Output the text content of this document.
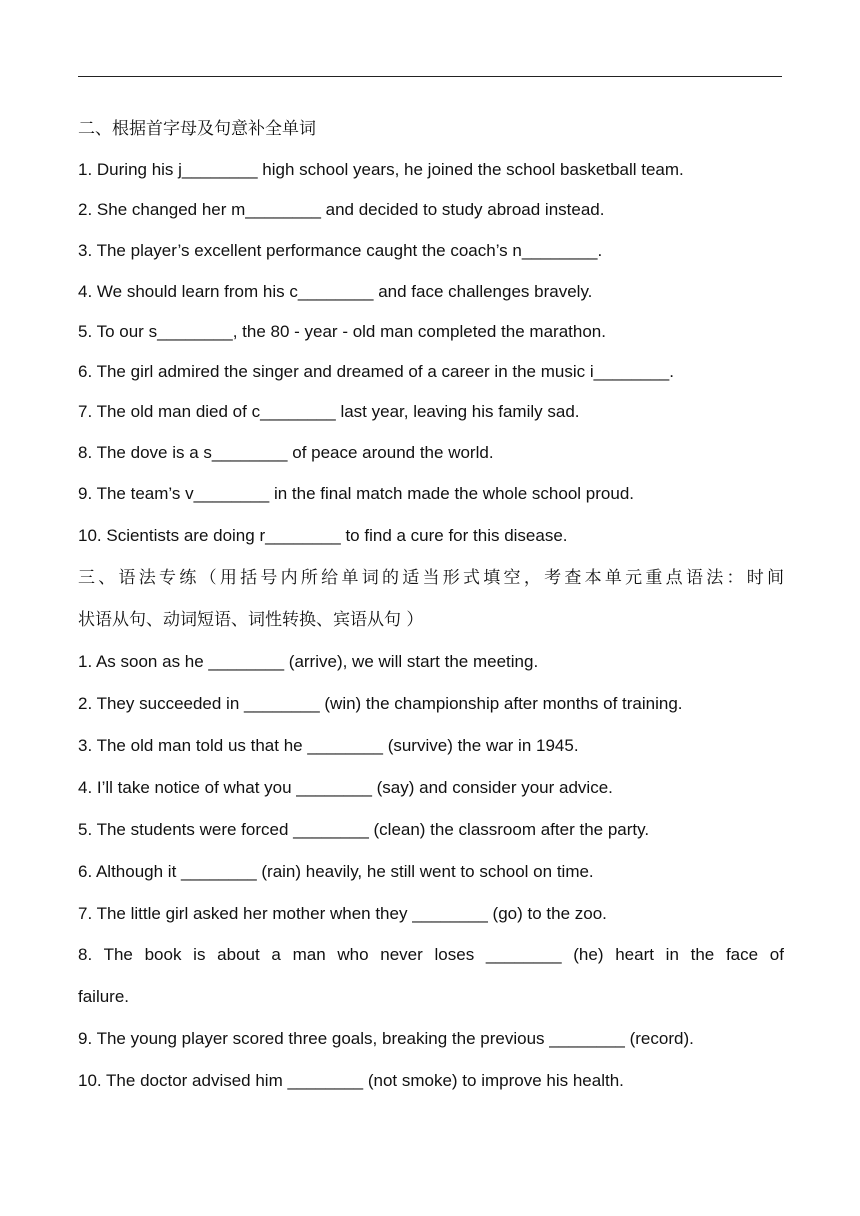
二、根据首字母及句意补全单词
1. During his j________ high school years, he joined the school basketball team.
2. She changed her m________ and decided to study abroad instead.
3. The player’s excellent performance caught the coach’s n________.
4. We should learn from his c________ and face challenges bravely.
5. To our s________, the 80 - year - old man completed the marathon.
6. The girl admired the singer and dreamed of a career in the music i________.
7. The old man died of c________ last year, leaving his family sad.
8. The dove is a s________ of peace around the world.
9. The team’s v________ in the final match made the whole school proud.
10. Scientists are doing r________ to find a cure for this disease.
三、语法专练（用括号内所给单词的适当形式填空，考查本单元重点语法：时间
状语从句、动词短语、词性转换、宾语从句 ）
1. As soon as he ________ (arrive), we will start the meeting.
2. They succeeded in ________ (win) the championship after months of training.
3. The old man told us that he ________ (survive) the war in 1945.
4. I’ll take notice of what you ________ (say) and consider your advice.
5. The students were forced ________ (clean) the classroom after the party.
6. Although it ________ (rain) heavily, he still went to school on time.
7. The little girl asked her mother when they ________ (go) to the zoo.
8. The book is about a man who never loses ________ (he) heart in the face of
failure.
9. The young player scored three goals, breaking the previous ________ (record).
10. The doctor advised him ________ (not smoke) to improve his health.
